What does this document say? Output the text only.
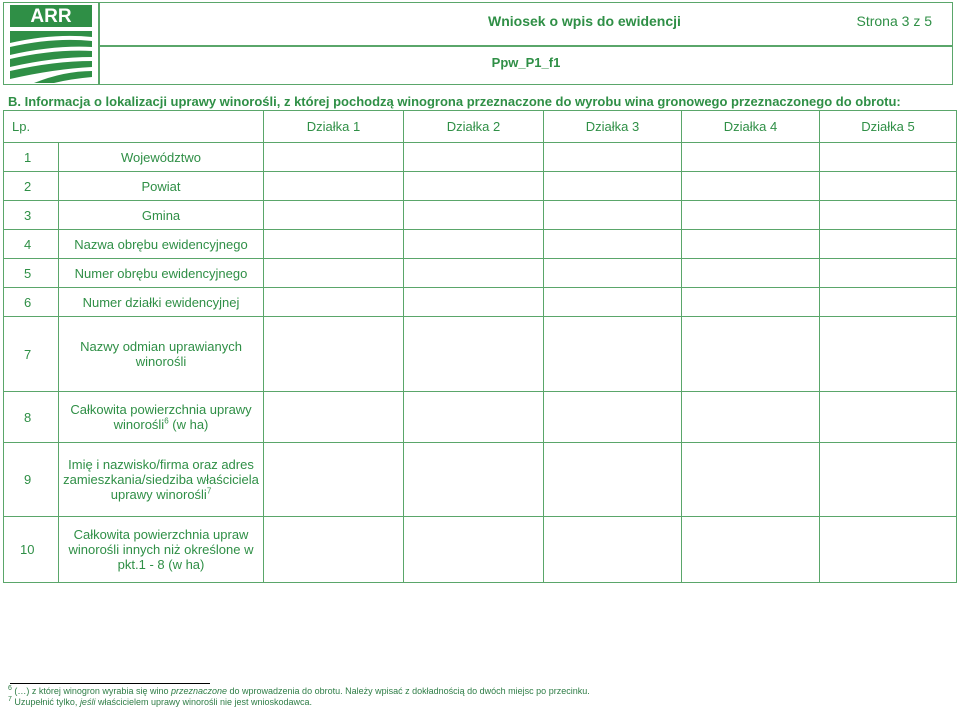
ARR	Wniosek o wpis do ewidencji	Strona 3 z 5
Ppw_P1_f1
B. Informacja o lokalizacji uprawy winorośli, z której pochodzą winogrona przeznaczone do wyrobu wina gronowego przeznaczonego do obrotu:
Lp.		Działka 1	Działka 2	Działka 3	Działka 4	Działka 5
1	Województwo					
2	Powiat					
3	Gmina					
4	Nazwa obrębu ewidencyjnego					
5	Numer obrębu ewidencyjnego					
6	Numer działki ewidencyjnej					
7	Nazwy odmian uprawianych winorośli					
8	Całkowita powierzchnia uprawy winorośli$^6$ (w ha)					
9	Imię i nazwisko/firma oraz adres zamieszkania/siedziba właściciela uprawy winorośli$^7$					
10	Całkowita powierzchnia upraw winorośli innych niż określone w pkt.1 - 8 (w ha)					
$^6$ (…) z której winogron wyrabia się wino przeznaczone do wprowadzenia do obrotu. Należy wpisać z dokładnością do dwóch miejsc po przecinku.
$^7$ Uzupełnić tylko, jeśli właścicielem uprawy winorośli nie jest wnioskodawca.
